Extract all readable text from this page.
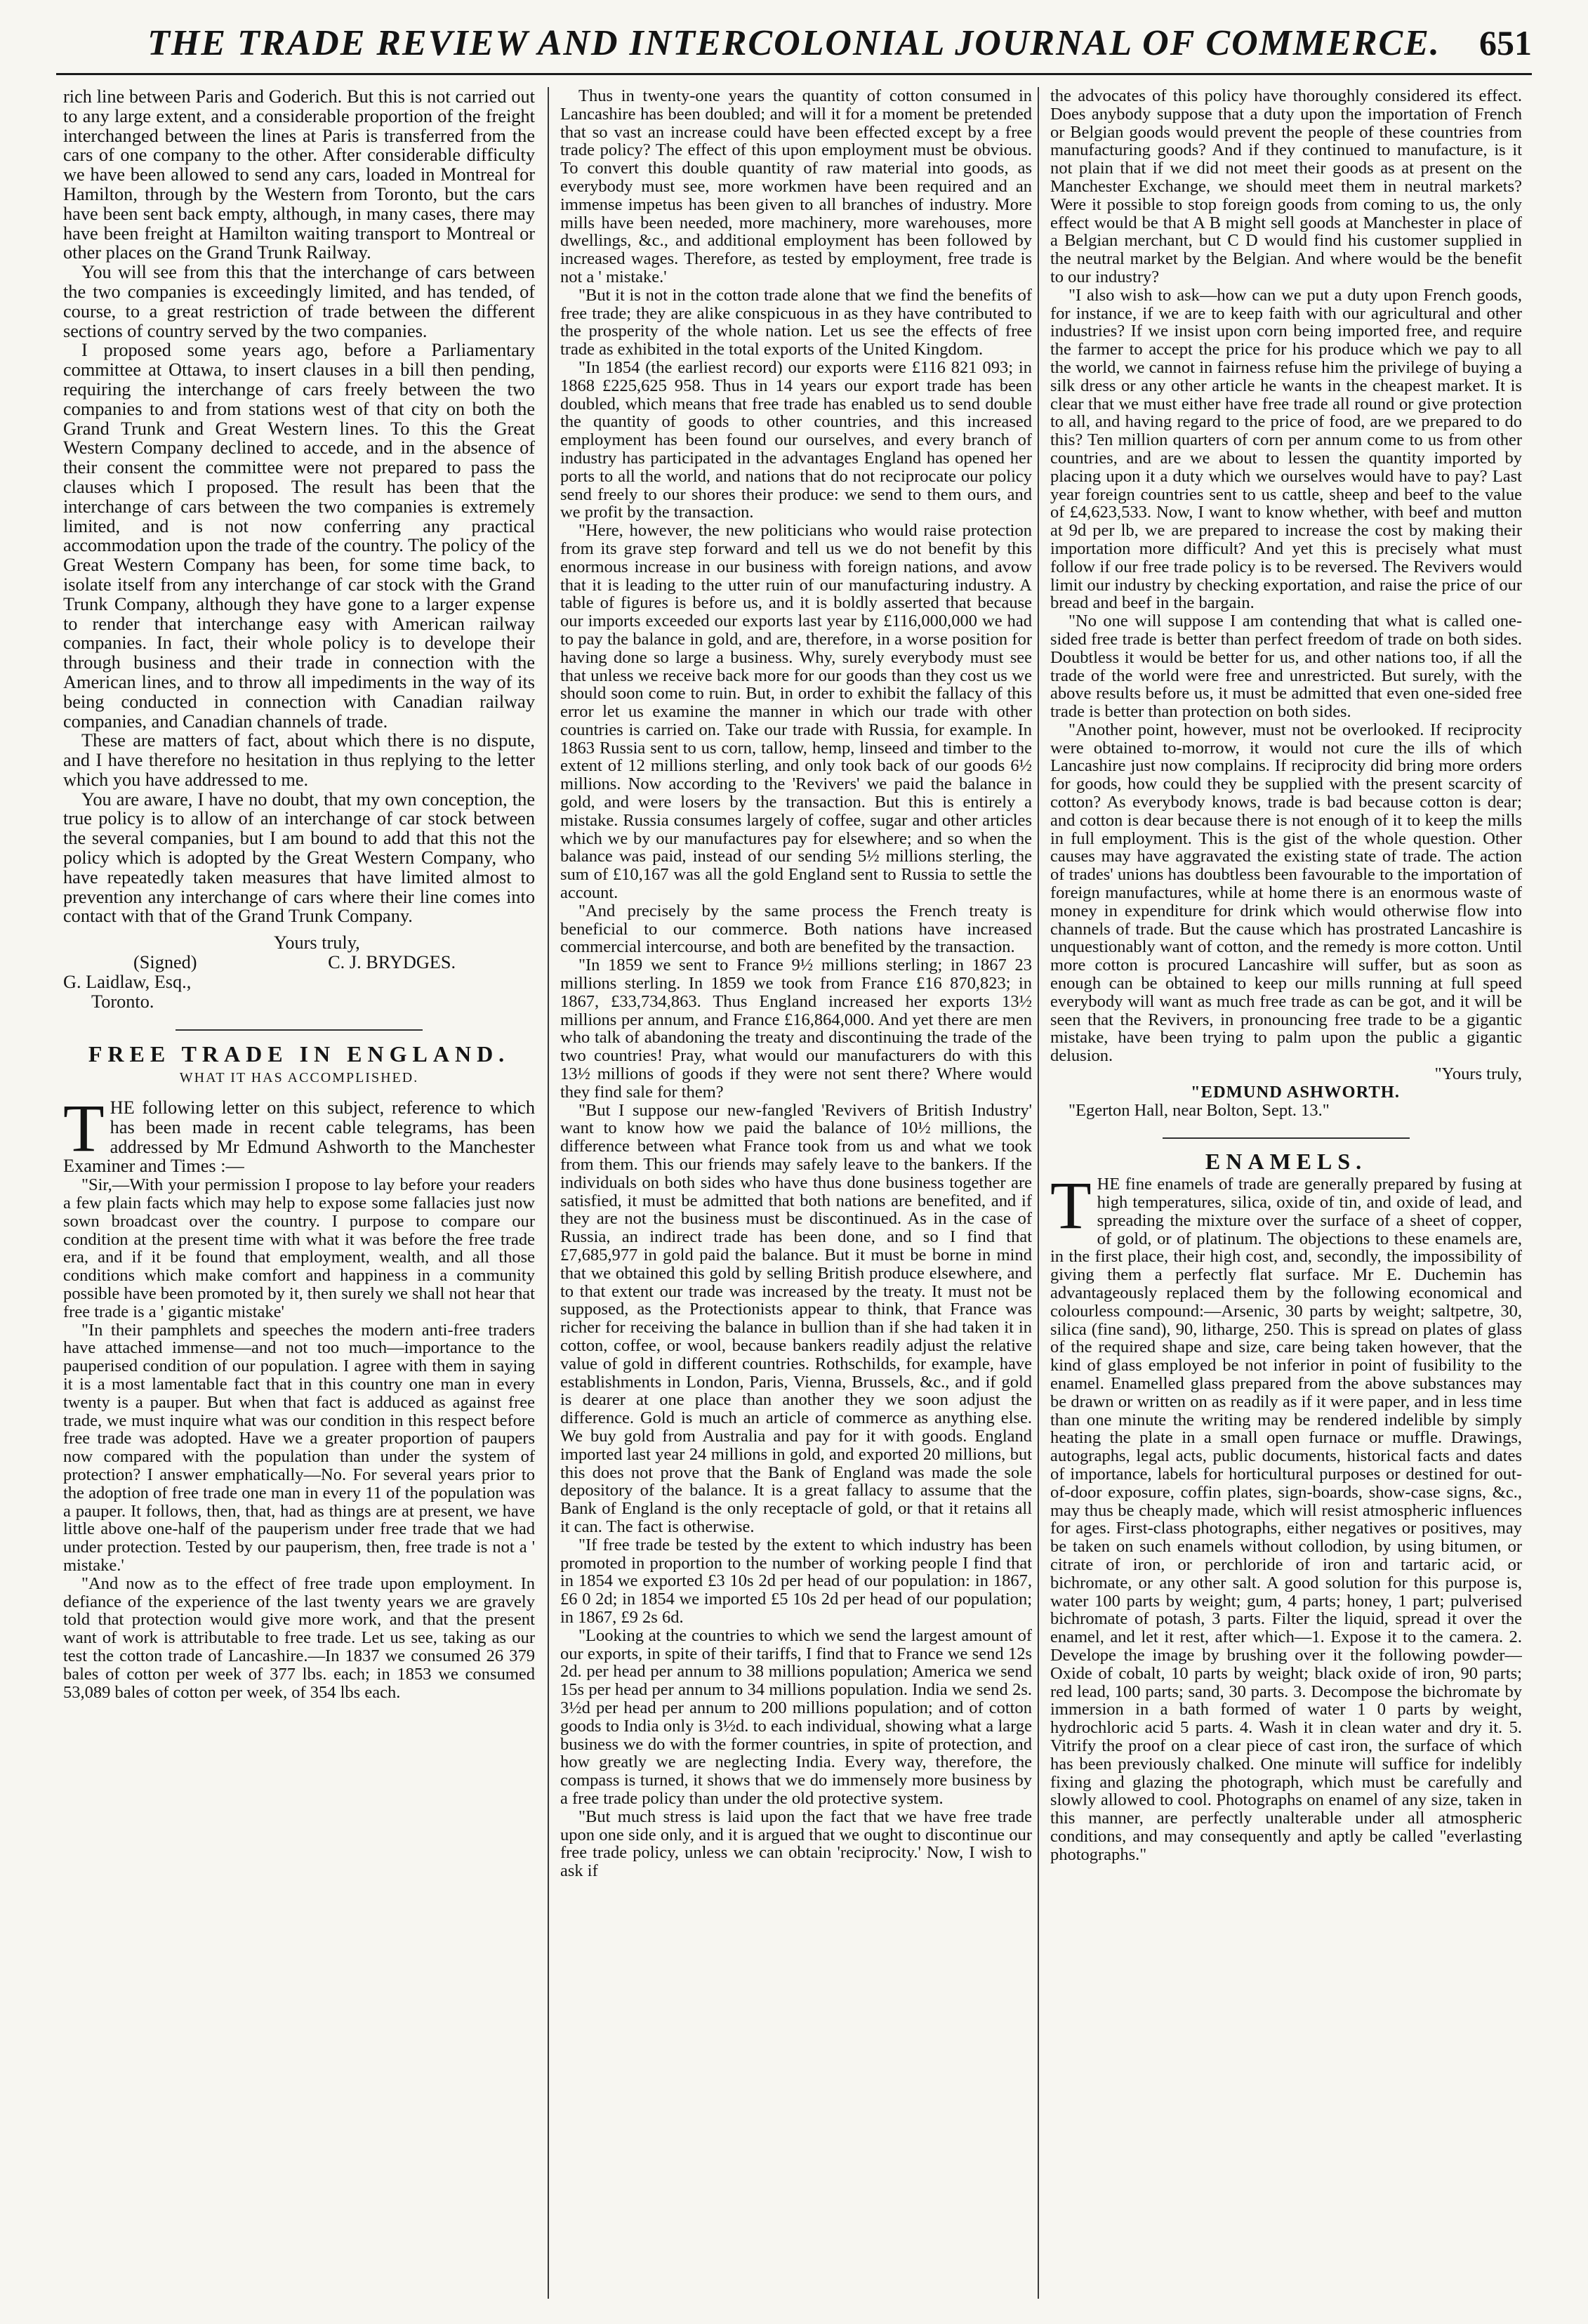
THE TRADE REVIEW AND INTERCOLONIAL JOURNAL OF COMMERCE.	651

rich line between Paris and Goderich. But this is not carried out to any large extent, and a considerable proportion of the freight interchanged between the lines at Paris is transferred from the cars of one company to the other. After considerable difficulty we have been allowed to send any cars, loaded in Montreal for Hamilton, through by the Western from Toronto, but the cars have been sent back empty, although, in many cases, there may have been freight at Hamilton waiting transport to Montreal or other places on the Grand Trunk Railway.

You will see from this that the interchange of cars between the two companies is exceedingly limited, and has tended, of course, to a great restriction of trade between the different sections of country served by the two companies.

I proposed some years ago, before a Parliamentary committee at Ottawa, to insert clauses in a bill then pending, requiring the interchange of cars freely between the two companies to and from stations west of that city on both the Grand Trunk and Great Western lines. To this the Great Western Company declined to accede, and in the absence of their consent the committee were not prepared to pass the clauses which I proposed. The result has been that the interchange of cars between the two companies is extremely limited, and is not now conferring any practical accommodation upon the trade of the country. The policy of the Great Western Company has been, for some time back, to isolate itself from any interchange of car stock with the Grand Trunk Company, although they have gone to a larger expense to render that interchange easy with American railway companies. In fact, their whole policy is to develope their through business and their trade in connection with the American lines, and to throw all impediments in the way of its being conducted in connection with Canadian railway companies, and Canadian channels of trade.

These are matters of fact, about which there is no dispute, and I have therefore no hesitation in thus replying to the letter which you have addressed to me.

You are aware, I have no doubt, that my own conception, the true policy is to allow of an interchange of car stock between the several companies, but I am bound to add that this not the policy which is adopted by the Great Western Company, who have repeatedly taken measures that have limited almost to prevention any interchange of cars where their line comes into contact with that of the Grand Trunk Company.

Yours truly,
(Signed)	C. J. BRYDGES.
G. Laidlaw, Esq.,
Toronto.
FREE TRADE IN ENGLAND.
WHAT IT HAS ACCOMPLISHED.

THE following letter on this subject, reference to which has been made in recent cable telegrams, has been addressed by Mr Edmund Ashworth to the Manchester Examiner and Times :—

"Sir,—With your permission I propose to lay before your readers a few plain facts which may help to expose some fallacies just now sown broadcast over the country. I purpose to compare our condition at the present time with what it was before the free trade era, and if it be found that employment, wealth, and all those conditions which make comfort and happiness in a community possible have been promoted by it, then surely we shall not hear that free trade is a ' gigantic mistake'

"In their pamphlets and speeches the modern anti-free traders have attached immense—and not too much—importance to the pauperised condition of our population. I agree with them in saying it is a most lamentable fact that in this country one man in every twenty is a pauper. But when that fact is adduced as against free trade, we must inquire what was our condition in this respect before free trade was adopted. Have we a greater proportion of paupers now compared with the population than under the system of protection? I answer emphatically—No. For several years prior to the adoption of free trade one man in every 11 of the population was a pauper. It follows, then, that, had as things are at present, we have little above one-half of the pauperism under free trade that we had under protection. Tested by our pauperism, then, free trade is not a ' mistake.'

"And now as to the effect of free trade upon employment. In defiance of the experience of the last twenty years we are gravely told that protection would give more work, and that the present want of work is attributable to free trade. Let us see, taking as our test the cotton trade of Lancashire.—In 1837 we consumed 26 379 bales of cotton per week of 377 lbs. each; in 1853 we consumed 53,089 bales of cotton per week, of 354 lbs each.

Thus in twenty-one years the quantity of cotton consumed in Lancashire has been doubled; and will it for a moment be pretended that so vast an increase could have been effected except by a free trade policy? The effect of this upon employment must be obvious. To convert this double quantity of raw material into goods, as everybody must see, more workmen have been required and an immense impetus has been given to all branches of industry. More mills have been needed, more machinery, more warehouses, more dwellings, &c., and additional employment has been followed by increased wages. Therefore, as tested by employment, free trade is not a ' mistake.'

"But it is not in the cotton trade alone that we find the benefits of free trade; they are alike conspicuous in as they have contributed to the prosperity of the whole nation. Let us see the effects of free trade as exhibited in the total exports of the United Kingdom.

"In 1854 (the earliest record) our exports were £116 821 093; in 1868 £225,625 958. Thus in 14 years our export trade has been doubled, which means that free trade has enabled us to send double the quantity of goods to other countries, and this increased employment has been found our ourselves, and every branch of industry has participated in the advantages England has opened her ports to all the world, and nations that do not reciprocate our policy send freely to our shores their produce: we send to them ours, and we profit by the transaction.

"Here, however, the new politicians who would raise protection from its grave step forward and tell us we do not benefit by this enormous increase in our business with foreign nations, and avow that it is leading to the utter ruin of our manufacturing industry. A table of figures is before us, and it is boldly asserted that because our imports exceeded our exports last year by £116,000,000 we had to pay the balance in gold, and are, therefore, in a worse position for having done so large a business. Why, surely everybody must see that unless we receive back more for our goods than they cost us we should soon come to ruin. But, in order to exhibit the fallacy of this error let us examine the manner in which our trade with other countries is carried on. Take our trade with Russia, for example. In 1863 Russia sent to us corn, tallow, hemp, linseed and timber to the extent of 12 millions sterling, and only took back of our goods 6½ millions. Now according to the 'Revivers' we paid the balance in gold, and were losers by the transaction. But this is entirely a mistake. Russia consumes largely of coffee, sugar and other articles which we by our manufactures pay for elsewhere; and so when the balance was paid, instead of our sending 5½ millions sterling, the sum of £10,167 was all the gold England sent to Russia to settle the account.

"And precisely by the same process the French treaty is beneficial to our commerce. Both nations have increased commercial intercourse, and both are benefited by the transaction.

"In 1859 we sent to France 9½ millions sterling; in 1867 23 millions sterling. In 1859 we took from France £16 870,823; in 1867, £33,734,863. Thus England increased her exports 13½ millions per annum, and France £16,864,000. And yet there are men who talk of abandoning the treaty and discontinuing the trade of the two countries! Pray, what would our manufacturers do with this 13½ millions of goods if they were not sent there? Where would they find sale for them?

"But I suppose our new-fangled 'Revivers of British Industry' want to know how we paid the balance of 10½ millions, the difference between what France took from us and what we took from them. This our friends may safely leave to the bankers. If the individuals on both sides who have thus done business together are satisfied, it must be admitted that both nations are benefited, and if they are not the business must be discontinued. As in the case of Russia, an indirect trade has been done, and so I find that £7,685,977 in gold paid the balance. But it must be borne in mind that we obtained this gold by selling British produce elsewhere, and to that extent our trade was increased by the treaty. It must not be supposed, as the Protectionists appear to think, that France was richer for receiving the balance in bullion than if she had taken it in cotton, coffee, or wool, because bankers readily adjust the relative value of gold in different countries. Rothschilds, for example, have establishments in London, Paris, Vienna, Brussels, &c., and if gold is dearer at one place than another they we soon adjust the difference. Gold is much an article of commerce as anything else. We buy gold from Australia and pay for it with goods. England imported last year 24 millions in gold, and exported 20 millions, but this does not prove that the Bank of England was made the sole depository of the balance. It is a great fallacy to assume that the Bank of England is the only receptacle of gold, or that it retains all it can. The fact is otherwise.

"If free trade be tested by the extent to which industry has been promoted in proportion to the number of working people I find that in 1854 we exported £3 10s 2d per head of our population: in 1867, £6 0 2d; in 1854 we imported £5 10s 2d per head of our population; in 1867, £9 2s 6d.

"Looking at the countries to which we send the largest amount of our exports, in spite of their tariffs, I find that to France we send 12s 2d. per head per annum to 38 millions population; America we send 15s per head per annum to 34 millions population. India we send 2s. 3½d per head per annum to 200 millions population; and of cotton goods to India only is 3½d. to each individual, showing what a large business we do with the former countries, in spite of protection, and how greatly we are neglecting India. Every way, therefore, the compass is turned, it shows that we do immensely more business by a free trade policy than under the old protective system.

"But much stress is laid upon the fact that we have free trade upon one side only, and it is argued that we ought to discontinue our free trade policy, unless we can obtain 'reciprocity.' Now, I wish to ask if

the advocates of this policy have thoroughly considered its effect. Does anybody suppose that a duty upon the importation of French or Belgian goods would prevent the people of these countries from manufacturing goods? And if they continued to manufacture, is it not plain that if we did not meet their goods as at present on the Manchester Exchange, we should meet them in neutral markets? Were it possible to stop foreign goods from coming to us, the only effect would be that A B might sell goods at Manchester in place of a Belgian merchant, but C D would find his customer supplied in the neutral market by the Belgian. And where would be the benefit to our industry?

"I also wish to ask—how can we put a duty upon French goods, for instance, if we are to keep faith with our agricultural and other industries? If we insist upon corn being imported free, and require the farmer to accept the price for his produce which we pay to all the world, we cannot in fairness refuse him the privilege of buying a silk dress or any other article he wants in the cheapest market. It is clear that we must either have free trade all round or give protection to all, and having regard to the price of food, are we prepared to do this? Ten million quarters of corn per annum come to us from other countries, and are we about to lessen the quantity imported by placing upon it a duty which we ourselves would have to pay? Last year foreign countries sent to us cattle, sheep and beef to the value of £4,623,533. Now, I want to know whether, with beef and mutton at 9d per lb, we are prepared to increase the cost by making their importation more difficult? And yet this is precisely what must follow if our free trade policy is to be reversed. The Revivers would limit our industry by checking exportation, and raise the price of our bread and beef in the bargain.

"No one will suppose I am contending that what is called one-sided free trade is better than perfect freedom of trade on both sides. Doubtless it would be better for us, and other nations too, if all the trade of the world were free and unrestricted. But surely, with the above results before us, it must be admitted that even one-sided free trade is better than protection on both sides.

"Another point, however, must not be overlooked. If reciprocity were obtained to-morrow, it would not cure the ills of which Lancashire just now complains. If reciprocity did bring more orders for goods, how could they be supplied with the present scarcity of cotton? As everybody knows, trade is bad because cotton is dear; and cotton is dear because there is not enough of it to keep the mills in full employment. This is the gist of the whole question. Other causes may have aggravated the existing state of trade. The action of trades' unions has doubtless been favourable to the importation of foreign manufactures, while at home there is an enormous waste of money in expenditure for drink which would otherwise flow into channels of trade. But the cause which has prostrated Lancashire is unquestionably want of cotton, and the remedy is more cotton. Until more cotton is procured Lancashire will suffer, but as soon as enough can be obtained to keep our mills running at full speed everybody will want as much free trade as can be got, and it will be seen that the Revivers, in pronouncing free trade to be a gigantic mistake, have been trying to palm upon the public a gigantic delusion.

"Yours truly,

"EDMUND ASHWORTH.

"Egerton Hall, near Bolton, Sept. 13."

ENAMELS.

THE fine enamels of trade are generally prepared by fusing at high temperatures, silica, oxide of tin, and oxide of lead, and spreading the mixture over the surface of a sheet of copper, of gold, or of platinum. The objections to these enamels are, in the first place, their high cost, and, secondly, the impossibility of giving them a perfectly flat surface. Mr E. Duchemin has advantageously replaced them by the following economical and colourless compound:—Arsenic, 30 parts by weight; saltpetre, 30, silica (fine sand), 90, litharge, 250. This is spread on plates of glass of the required shape and size, care being taken however, that the kind of glass employed be not inferior in point of fusibility to the enamel. Enamelled glass prepared from the above substances may be drawn or written on as readily as if it were paper, and in less time than one minute the writing may be rendered indelible by simply heating the plate in a small open furnace or muffle. Drawings, autographs, legal acts, public documents, historical facts and dates of importance, labels for horticultural purposes or destined for out-of-door exposure, coffin plates, sign-boards, show-case signs, &c., may thus be cheaply made, which will resist atmospheric influences for ages. First-class photographs, either negatives or positives, may be taken on such enamels without collodion, by using bitumen, or citrate of iron, or perchloride of iron and tartaric acid, or bichromate, or any other salt. A good solution for this purpose is, water 100 parts by weight; gum, 4 parts; honey, 1 part; pulverised bichromate of potash, 3 parts. Filter the liquid, spread it over the enamel, and let it rest, after which—1. Expose it to the camera. 2. Develope the image by brushing over it the following powder—Oxide of cobalt, 10 parts by weight; black oxide of iron, 90 parts; red lead, 100 parts; sand, 30 parts. 3. Decompose the bichromate by immersion in a bath formed of water 1 0 parts by weight, hydrochloric acid 5 parts. 4. Wash it in clean water and dry it. 5. Vitrify the proof on a clear piece of cast iron, the surface of which has been previously chalked. One minute will suffice for indelibly fixing and glazing the photograph, which must be carefully and slowly allowed to cool. Photographs on enamel of any size, taken in this manner, are perfectly unalterable under all atmospheric conditions, and may consequently and aptly be called "everlasting photographs."
